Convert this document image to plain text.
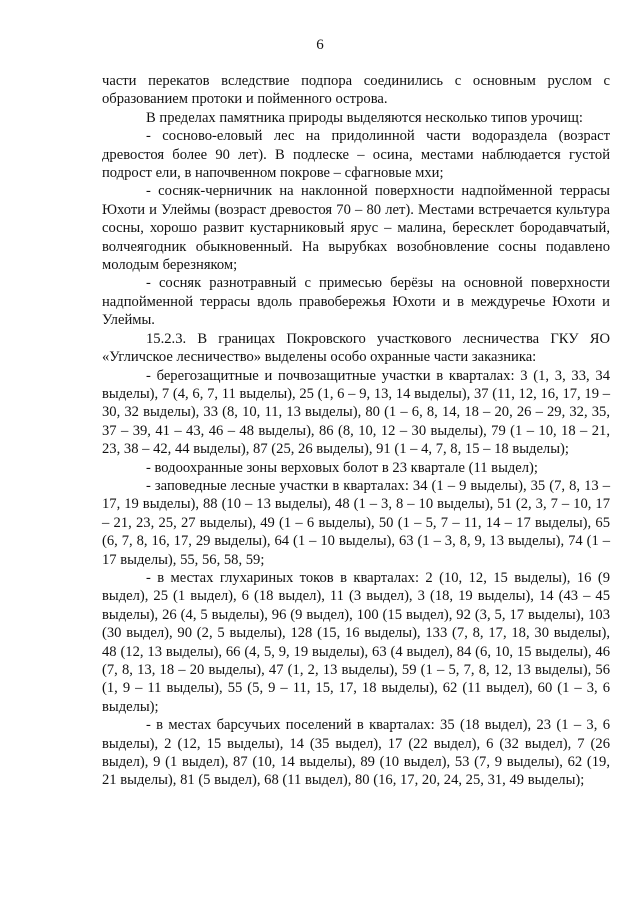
6

части перекатов вследствие подпора соединились с основным руслом с образованием протоки и пойменного острова.

В пределах памятника природы выделяются несколько типов урочищ:

- сосново-еловый лес на придолинной части водораздела (возраст древостоя более 90 лет). В подлеске – осина, местами наблюдается густой подрост ели, в напочвенном покрове – сфагновые мхи;

- сосняк-черничник на наклонной поверхности надпойменной террасы Юхоти и Улеймы (возраст древостоя 70 – 80 лет). Местами встречается культура сосны, хорошо развит кустарниковый ярус – малина, бересклет бородавчатый, волчеягодник обыкновенный. На вырубках возобновление сосны подавлено молодым березняком;

- сосняк разнотравный с примесью берёзы на основной поверхности надпойменной террасы вдоль правобережья Юхоти и в междуречье Юхоти и Улеймы.

15.2.3. В границах Покровского участкового лесничества ГКУ ЯО «Угличское лесничество» выделены особо охранные части заказника:

- берегозащитные и почвозащитные участки в кварталах: 3 (1, 3, 33, 34 выделы), 7 (4, 6, 7, 11 выделы), 25 (1, 6 – 9, 13, 14 выделы), 37 (11, 12, 16, 17, 19 – 30, 32 выделы), 33 (8, 10, 11, 13 выделы), 80 (1 – 6, 8, 14, 18 – 20, 26 – 29, 32, 35, 37 – 39, 41 – 43, 46 – 48 выделы), 86 (8, 10, 12 – 30 выделы), 79 (1 – 10, 18 – 21, 23, 38 – 42, 44 выделы), 87 (25, 26 выделы), 91 (1 – 4, 7, 8, 15 – 18 выделы);

- водоохранные зоны верховых болот в 23 квартале (11 выдел);

- заповедные лесные участки в кварталах: 34 (1 – 9 выделы), 35 (7, 8, 13 – 17, 19 выделы), 88 (10 – 13 выделы), 48 (1 – 3, 8 – 10 выделы), 51 (2, 3, 7 – 10, 17 – 21, 23, 25, 27 выделы), 49 (1 – 6 выделы), 50 (1 – 5, 7 – 11, 14 – 17 выделы), 65 (6, 7, 8, 16, 17, 29 выделы), 64 (1 – 10 выделы), 63 (1 – 3, 8, 9, 13 выделы), 74 (1 – 17 выделы), 55, 56, 58, 59;

- в местах глухариных токов в кварталах: 2 (10, 12, 15 выделы), 16 (9 выдел), 25 (1 выдел), 6 (18 выдел), 11 (3 выдел), 3 (18, 19 выделы), 14 (43 – 45 выделы), 26 (4, 5 выделы), 96 (9 выдел), 100 (15 выдел), 92 (3, 5, 17 выделы), 103 (30 выдел), 90 (2, 5 выделы), 128 (15, 16 выделы), 133 (7, 8, 17, 18, 30 выделы), 48 (12, 13 выделы), 66 (4, 5, 9, 19 выделы), 63 (4 выдел), 84 (6, 10, 15 выделы), 46 (7, 8, 13, 18 – 20 выделы), 47 (1, 2, 13 выделы), 59 (1 – 5, 7, 8, 12, 13 выделы), 56 (1, 9 – 11 выделы), 55 (5, 9 – 11, 15, 17, 18 выделы), 62 (11 выдел), 60 (1 – 3, 6 выделы);

- в местах барсучьих поселений в кварталах: 35 (18 выдел), 23 (1 – 3, 6 выделы), 2 (12, 15 выделы), 14 (35 выдел), 17 (22 выдел), 6 (32 выдел), 7 (26 выдел), 9 (1 выдел), 87 (10, 14 выделы), 89 (10 выдел), 53 (7, 9 выделы), 62 (19, 21 выделы), 81 (5 выдел), 68 (11 выдел), 80 (16, 17, 20, 24, 25, 31, 49 выделы);
